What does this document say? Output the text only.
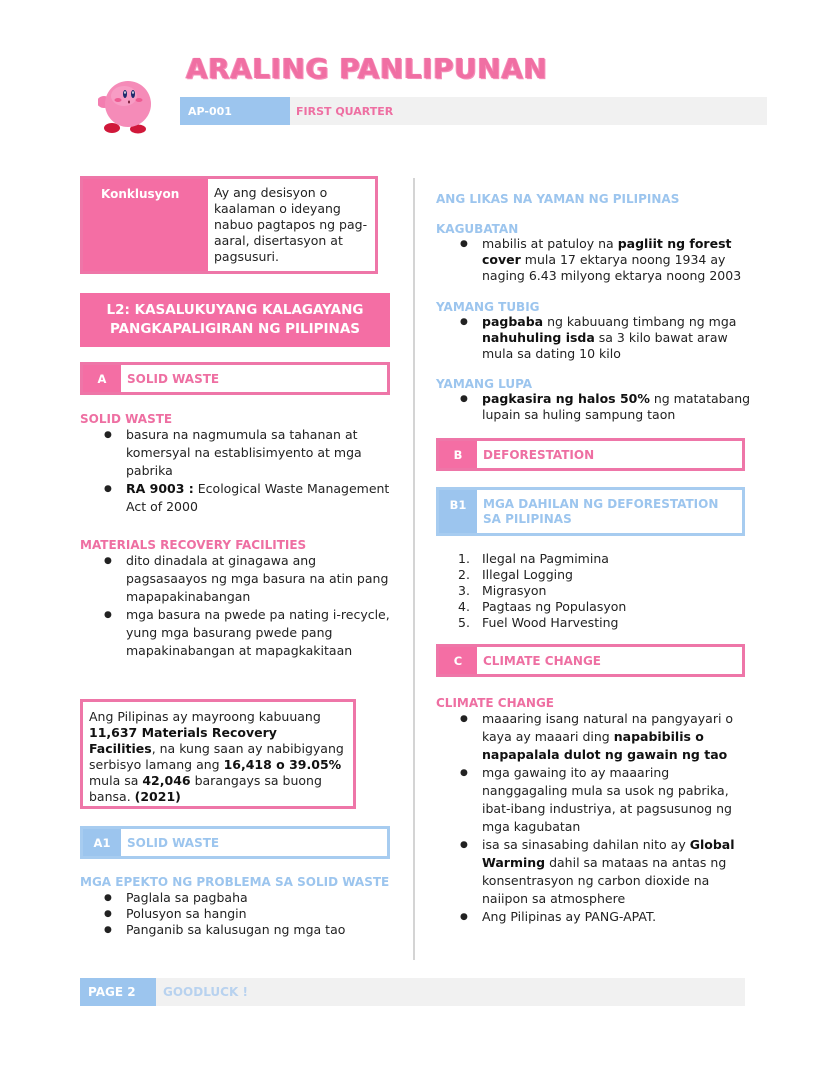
ARALING PANLIPUNAN
AP-001	FIRST QUARTER
Konklusyon	Ay ang desisyon o kaalaman o ideyang nabuo pagtapos ng pag-aaral, disertasyon at pagsusuri.
L2: KASALUKUYANG KALAGAYANG
PANGKAPALIGIRAN NG PILIPINAS
A	SOLID WASTE
SOLID WASTE
● basura na nagmumula sa tahanan at komersyal na establisimyento at mga pabrika
● RA 9003 : Ecological Waste Management Act of 2000
MATERIALS RECOVERY FACILITIES
● dito dinadala at ginagawa ang pagsasaayos ng mga basura na atin pang mapapakinabangan
● mga basura na pwede pa nating i-recycle, yung mga basurang pwede pang mapakinabangan at mapagkakitaan
Ang Pilipinas ay mayroong kabuuang 11,637 Materials Recovery Facilities, na kung saan ay nabibigyang serbisyo lamang ang 16,418 o 39.05% mula sa 42,046 barangays sa buong bansa. (2021)
A1	SOLID WASTE
MGA EPEKTO NG PROBLEMA SA SOLID WASTE
● Paglala sa pagbaha
● Polusyon sa hangin
● Panganib sa kalusugan ng mga tao
ANG LIKAS NA YAMAN NG PILIPINAS
KAGUBATAN
● mabilis at patuloy na pagliit ng forest cover mula 17 ektarya noong 1934 ay naging 6.43 milyong ektarya noong 2003
YAMANG TUBIG
● pagbaba ng kabuuang timbang ng mga nahuhuling isda sa 3 kilo bawat araw mula sa dating 10 kilo
YAMANG LUPA
● pagkasira ng halos 50% ng matatabang lupain sa huling sampung taon
B	DEFORESTATION
B1	MGA DAHILAN NG DEFORESTATION
SA PILIPINAS
1. Ilegal na Pagmimina
2. Illegal Logging
3. Migrasyon
4. Pagtaas ng Populasyon
5. Fuel Wood Harvesting
C	CLIMATE CHANGE
CLIMATE CHANGE
● maaaring isang natural na pangyayari o kaya ay maaari ding napabibilis o napapalala dulot ng gawain ng tao
● mga gawaing ito ay maaaring nanggagaling mula sa usok ng pabrika, ibat-ibang industriya, at pagsusunog ng mga kagubatan
● isa sa sinasabing dahilan nito ay Global Warming dahil sa mataas na antas ng konsentrasyon ng carbon dioxide na naiipon sa atmosphere
● Ang Pilipinas ay PANG-APAT.
PAGE 2	GOODLUCK !
